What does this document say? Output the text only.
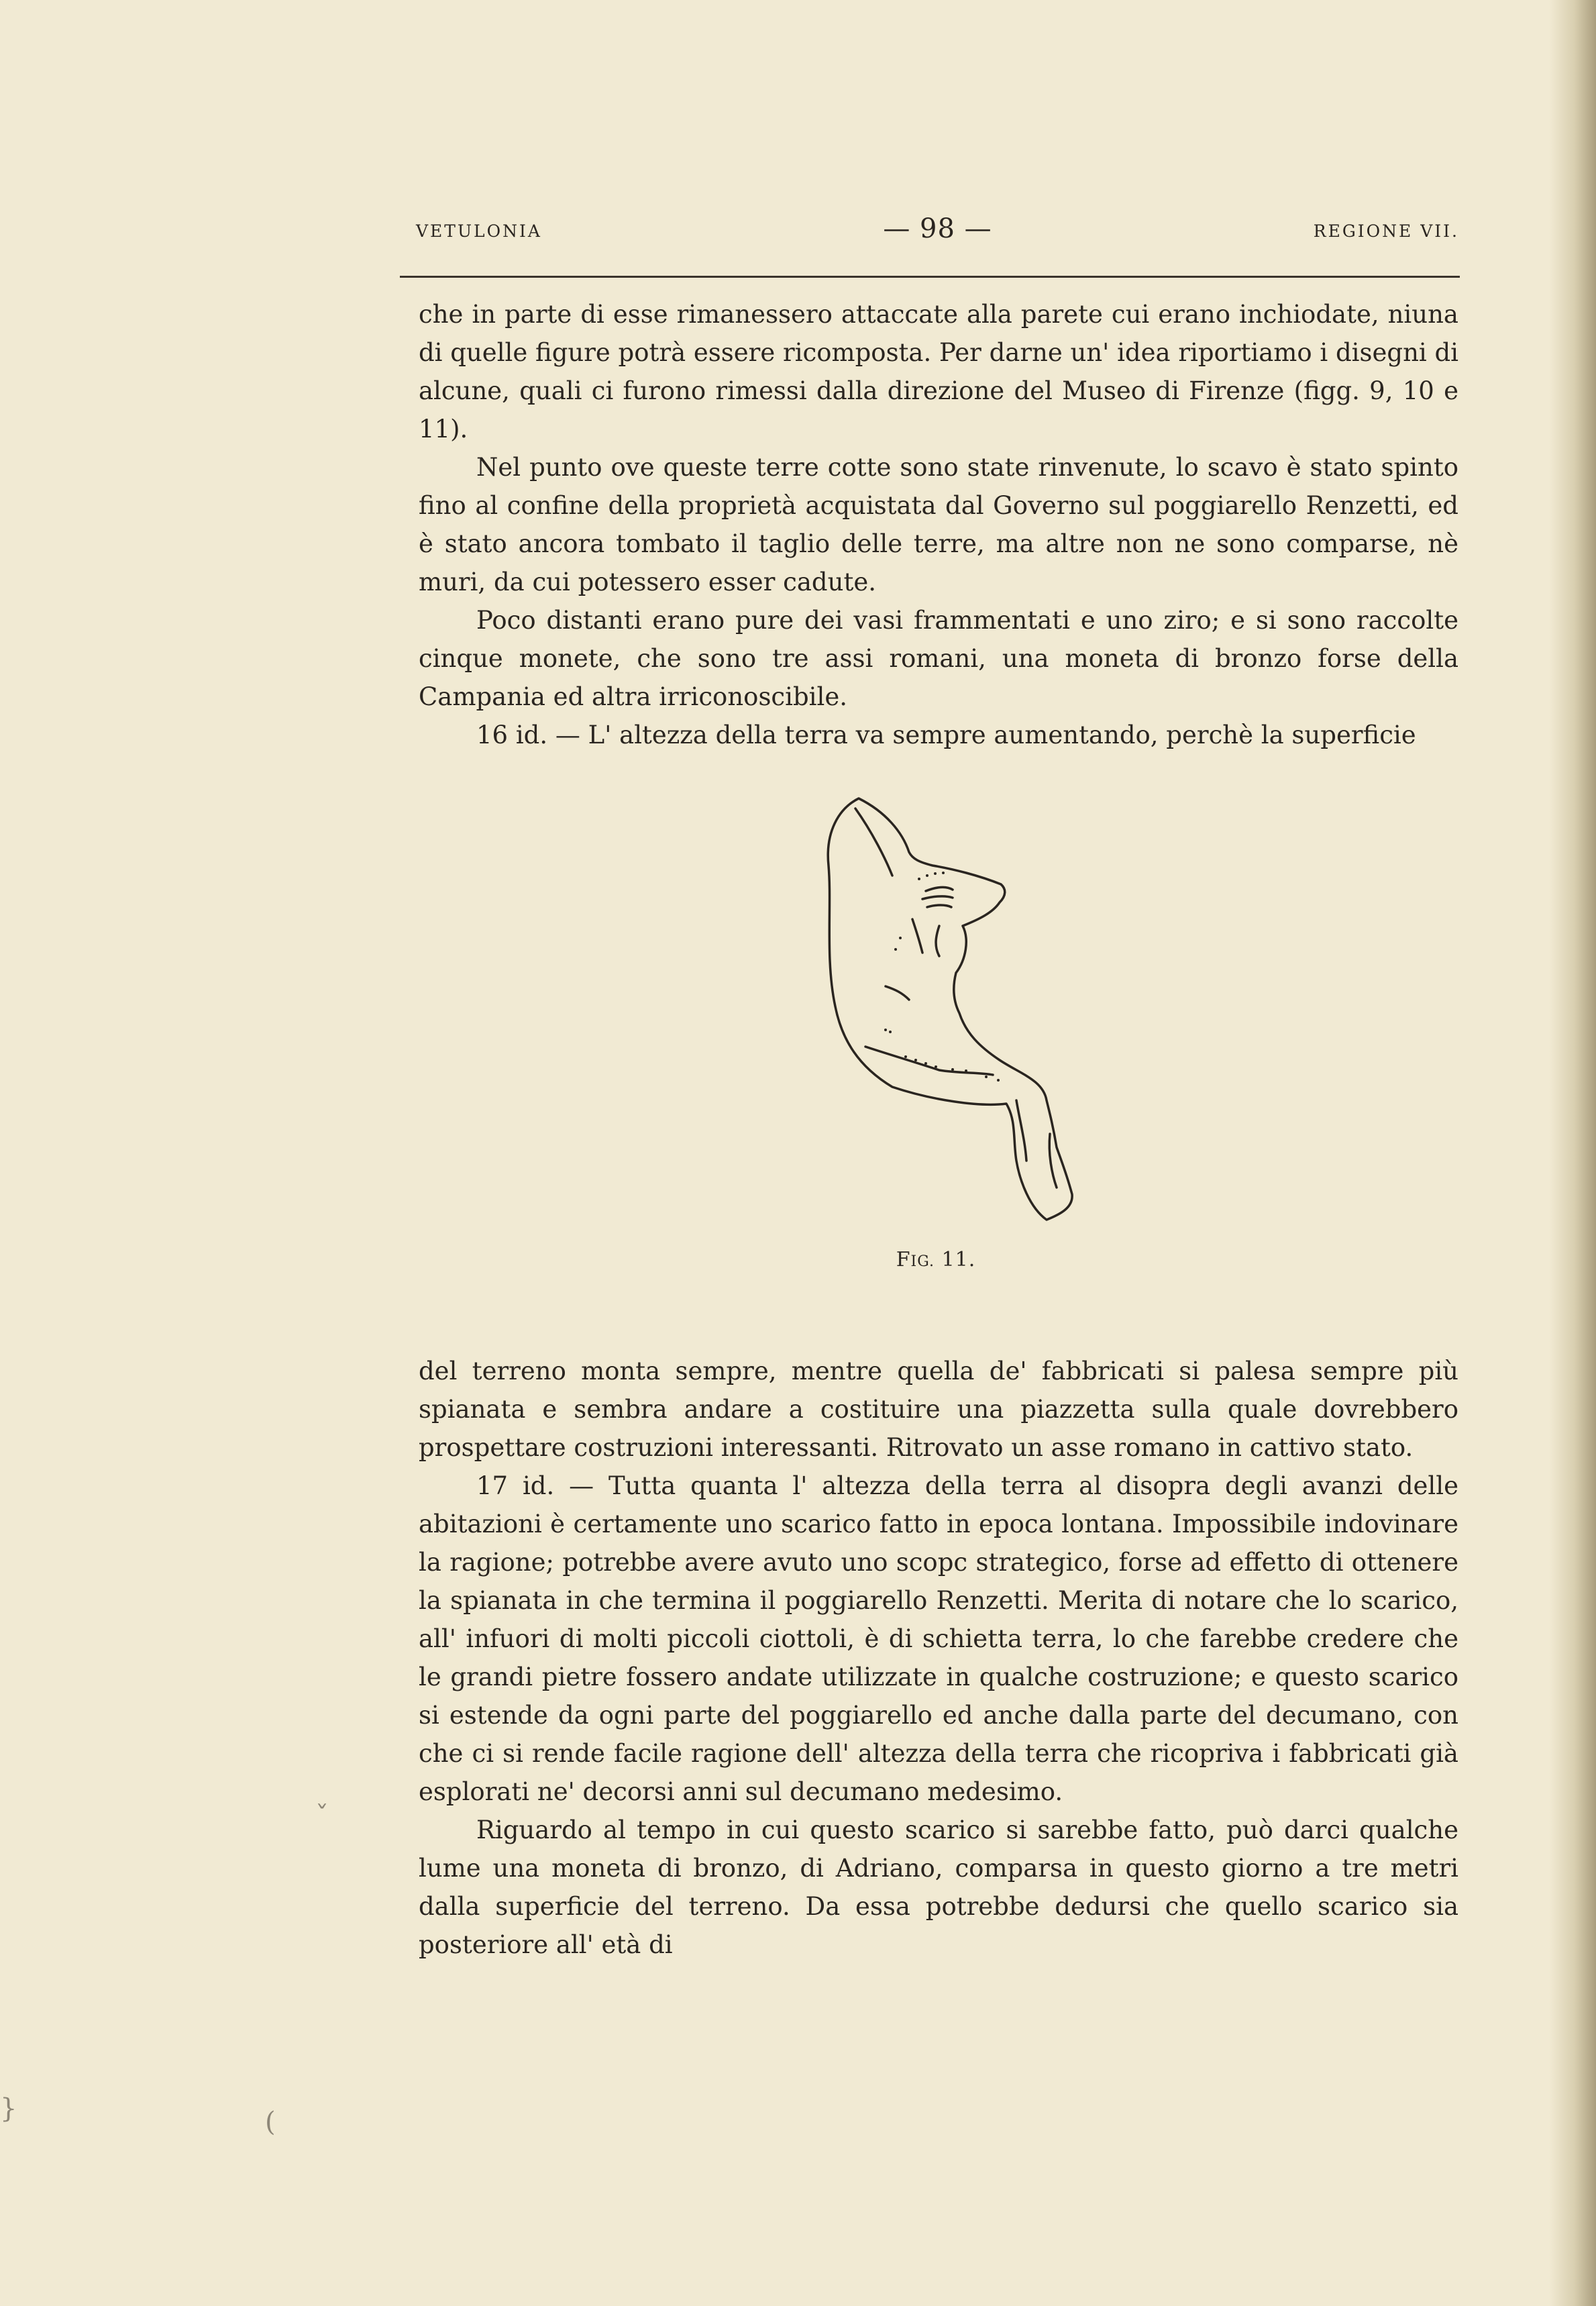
VETULONIA	— 98 —	REGIONE VII.

che in parte di esse rimanessero attaccate alla parete cui erano inchiodate, niuna di quelle figure potrà essere ricomposta. Per darne un' idea riportiamo i disegni di alcune, quali ci furono rimessi dalla direzione del Museo di Firenze (figg. 9, 10 e 11).

Nel punto ove queste terre cotte sono state rinvenute, lo scavo è stato spinto fino al confine della proprietà acquistata dal Governo sul poggiarello Renzetti, ed è stato ancora tombato il taglio delle terre, ma altre non ne sono comparse, nè muri, da cui potessero esser cadute.

Poco distanti erano pure dei vasi frammentati e uno ziro; e si sono raccolte cinque monete, che sono tre assi romani, una moneta di bronzo forse della Campania ed altra irriconoscibile.

16 id. — L' altezza della terra va sempre aumentando, perchè la superficie

FIG. 11.

del terreno monta sempre, mentre quella de' fabbricati si palesa sempre più spianata e sembra andare a costituire una piazzetta sulla quale dovrebbero prospettare costruzioni interessanti. Ritrovato un asse romano in cattivo stato.

17 id. — Tutta quanta l' altezza della terra al disopra degli avanzi delle abitazioni è certamente uno scarico fatto in epoca lontana. Impossibile indovinare la ragione; potrebbe avere avuto uno scopc strategico, forse ad effetto di ottenere la spianata in che termina il poggiarello Renzetti. Merita di notare che lo scarico, all' infuori di molti piccoli ciottoli, è di schietta terra, lo che farebbe credere che le grandi pietre fossero andate utilizzate in qualche costruzione; e questo scarico si estende da ogni parte del poggiarello ed anche dalla parte del decumano, con che ci si rende facile ragione dell' altezza della terra che ricopriva i fabbricati già esplorati ne' decorsi anni sul decumano medesimo.

Riguardo al tempo in cui questo scarico si sarebbe fatto, può darci qualche lume una moneta di bronzo, di Adriano, comparsa in questo giorno a tre metri dalla superficie del terreno. Da essa potrebbe dedursi che quello scarico sia posteriore all' età di

˯
(
}
